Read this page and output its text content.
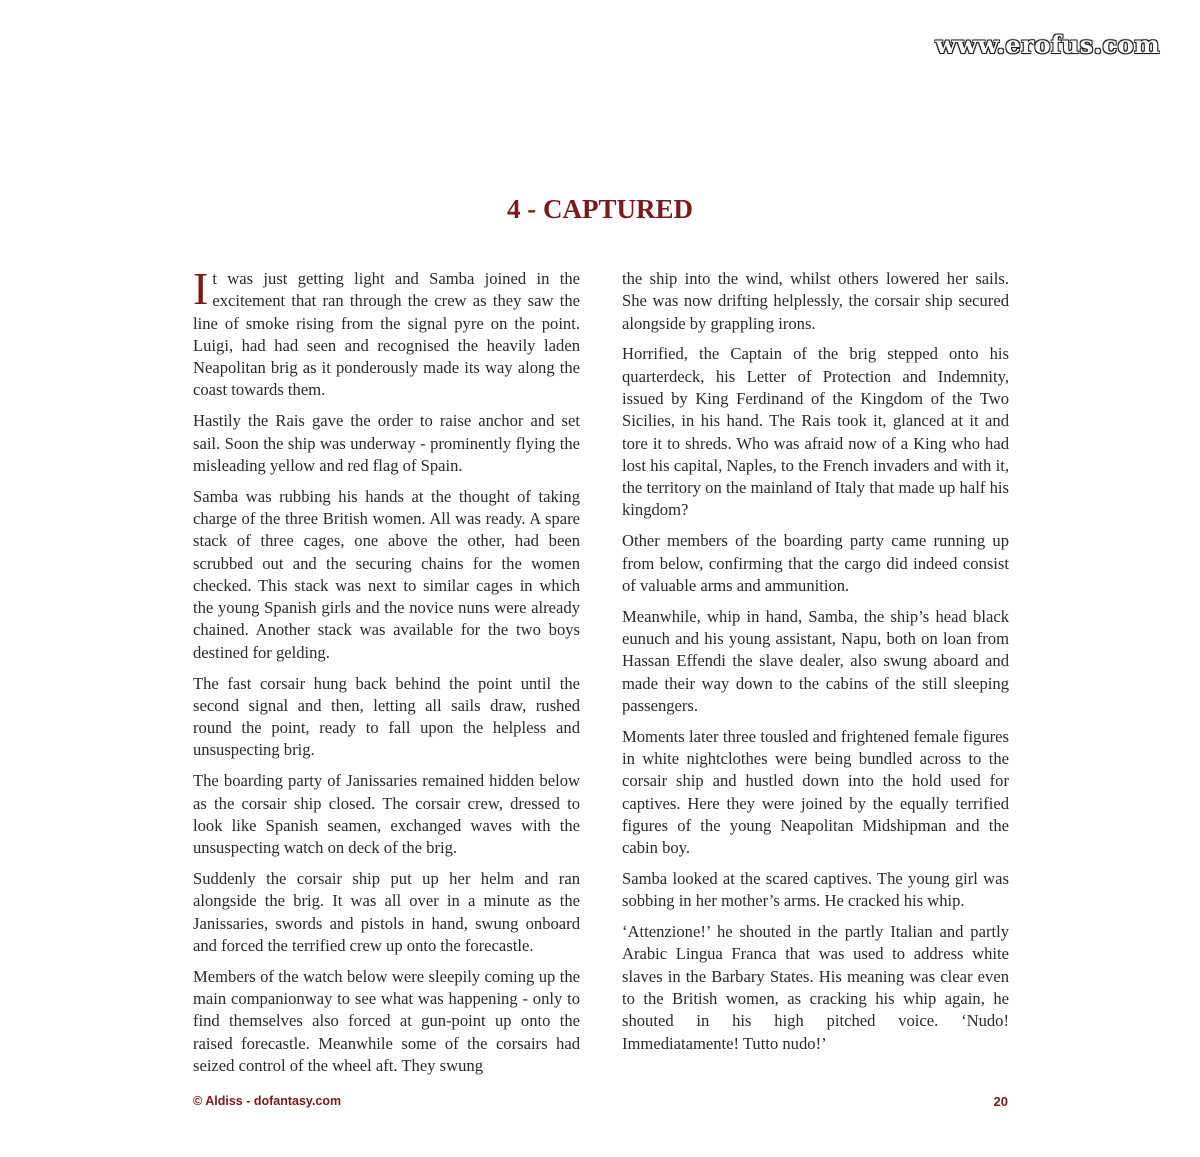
www.erofus.com
4 - CAPTURED

It was just getting light and Samba joined in the excitement that ran through the crew as they saw the line of smoke rising from the signal pyre on the point. Luigi, had had seen and recognised the heavily laden Neapolitan brig as it ponderously made its way along the coast towards them.

Hastily the Rais gave the order to raise anchor and set sail. Soon the ship was underway - prominently flying the misleading yellow and red flag of Spain.

Samba was rubbing his hands at the thought of taking charge of the three British women. All was ready. A spare stack of three cages, one above the other, had been scrubbed out and the securing chains for the women checked. This stack was next to similar cages in which the young Spanish girls and the novice nuns were already chained. Another stack was available for the two boys destined for gelding.

The fast corsair hung back behind the point until the second signal and then, letting all sails draw, rushed round the point, ready to fall upon the helpless and unsuspecting brig.

The boarding party of Janissaries remained hidden below as the corsair ship closed. The corsair crew, dressed to look like Spanish seamen, exchanged waves with the unsuspecting watch on deck of the brig.

Suddenly the corsair ship put up her helm and ran alongside the brig. It was all over in a minute as the Janissaries, swords and pistols in hand, swung onboard and forced the terrified crew up onto the forecastle.

Members of the watch below were sleepily coming up the main companionway to see what was happening - only to find themselves also forced at gun-point up onto the raised forecastle. Meanwhile some of the corsairs had seized control of the wheel aft. They swung

the ship into the wind, whilst others lowered her sails. She was now drifting helplessly, the corsair ship secured alongside by grappling irons.

Horrified, the Captain of the brig stepped onto his quarterdeck, his Letter of Protection and Indemnity, issued by King Ferdinand of the Kingdom of the Two Sicilies, in his hand. The Rais took it, glanced at it and tore it to shreds. Who was afraid now of a King who had lost his capital, Naples, to the French invaders and with it, the territory on the mainland of Italy that made up half his kingdom?

Other members of the boarding party came running up from below, confirming that the cargo did indeed consist of valuable arms and ammunition.

Meanwhile, whip in hand, Samba, the ship’s head black eunuch and his young assistant, Napu, both on loan from Hassan Effendi the slave dealer, also swung aboard and made their way down to the cabins of the still sleeping passengers.

Moments later three tousled and frightened female figures in white nightclothes were being bundled across to the corsair ship and hustled down into the hold used for captives. Here they were joined by the equally terrified figures of the young Neapolitan Midshipman and the cabin boy.

Samba looked at the scared captives. The young girl was sobbing in her mother’s arms. He cracked his whip.

‘Attenzione!’ he shouted in the partly Italian and partly Arabic Lingua Franca that was used to address white slaves in the Barbary States. His meaning was clear even to the British women, as cracking his whip again, he shouted in his high pitched voice. ‘Nudo! Immediatamente! Tutto nudo!’

© Aldiss - dofantasy.com	20
